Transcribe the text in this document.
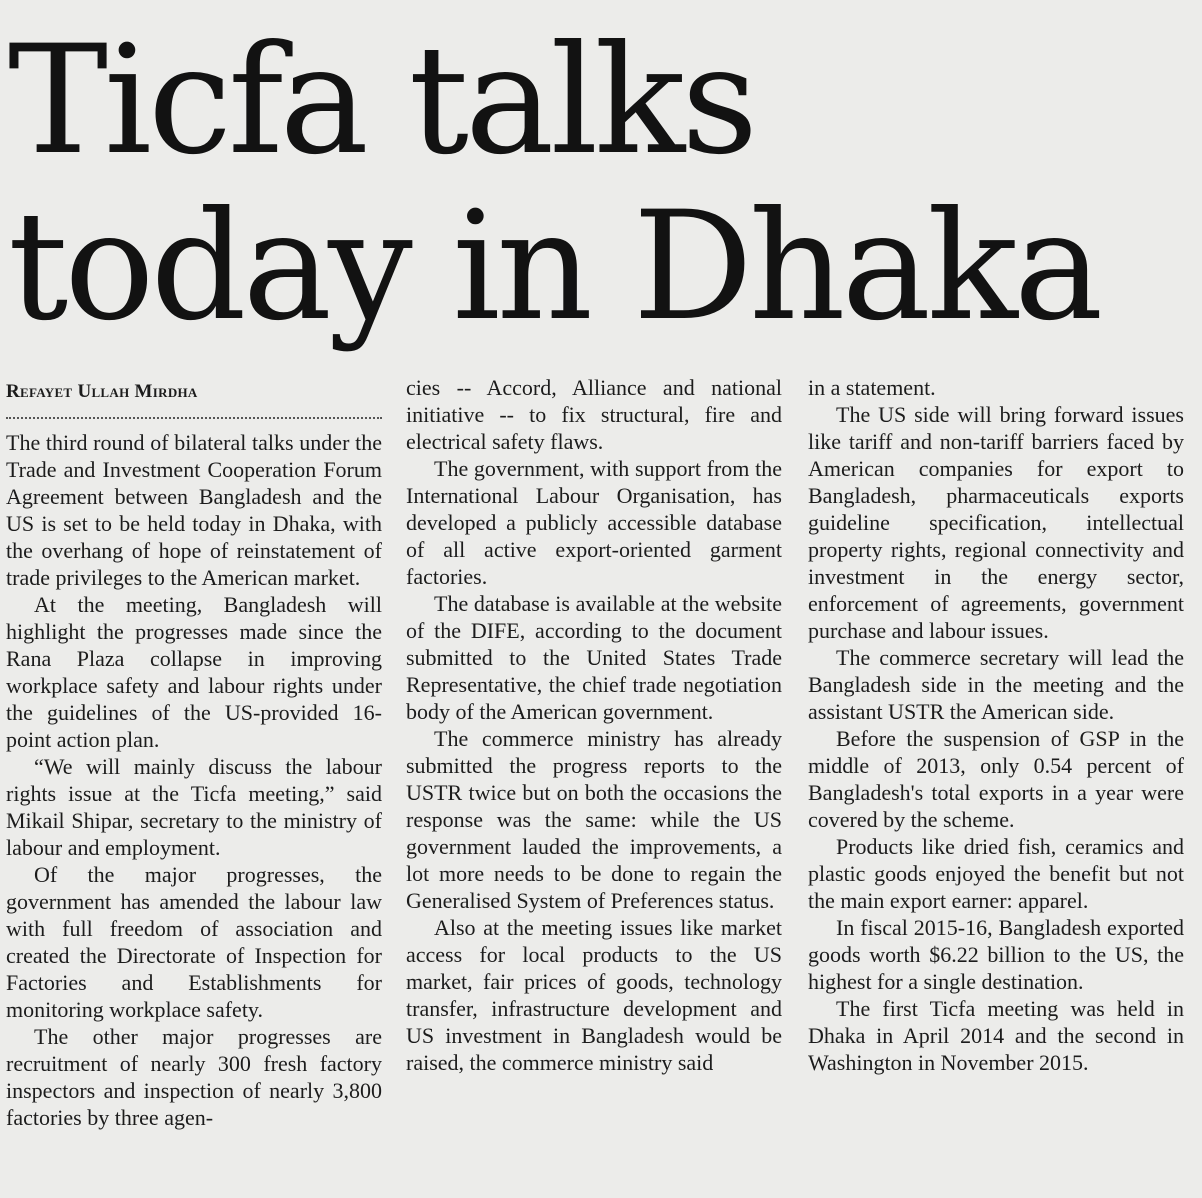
Ticfa talks today in Dhaka
Refayet Ullah Mirdha

The third round of bilateral talks under the Trade and Investment Cooperation Forum Agreement between Bangladesh and the US is set to be held today in Dhaka, with the overhang of hope of reinstatement of trade privileges to the American market.

At the meeting, Bangladesh will highlight the progresses made since the Rana Plaza collapse in improving workplace safety and labour rights under the guidelines of the US-provided 16-point action plan.

“We will mainly discuss the labour rights issue at the Ticfa meeting,” said Mikail Shipar, secretary to the ministry of labour and employment.

Of the major progresses, the government has amended the labour law with full freedom of association and created the Directorate of Inspection for Factories and Establishments for monitoring workplace safety.

The other major progresses are recruitment of nearly 300 fresh factory inspectors and inspection of nearly 3,800 factories by three agen-

cies -- Accord, Alliance and national initiative -- to fix structural, fire and electrical safety flaws.

The government, with support from the International Labour Organisation, has developed a publicly accessible database of all active export-oriented garment factories.

The database is available at the website of the DIFE, according to the document submitted to the United States Trade Representative, the chief trade negotiation body of the American government.

The commerce ministry has already submitted the progress reports to the USTR twice but on both the occasions the response was the same: while the US government lauded the improvements, a lot more needs to be done to regain the Generalised System of Preferences status.

Also at the meeting issues like market access for local products to the US market, fair prices of goods, technology transfer, infrastructure development and US investment in Bangladesh would be raised, the commerce ministry said

in a statement.

The US side will bring forward issues like tariff and non-tariff barriers faced by American companies for export to Bangladesh, pharmaceuticals exports guideline specification, intellectual property rights, regional connectivity and investment in the energy sector, enforcement of agreements, government purchase and labour issues.

The commerce secretary will lead the Bangladesh side in the meeting and the assistant USTR the American side.

Before the suspension of GSP in the middle of 2013, only 0.54 percent of Bangladesh's total exports in a year were covered by the scheme.

Products like dried fish, ceramics and plastic goods enjoyed the benefit but not the main export earner: apparel.

In fiscal 2015-16, Bangladesh exported goods worth $6.22 billion to the US, the highest for a single destination.

The first Ticfa meeting was held in Dhaka in April 2014 and the second in Washington in November 2015.
